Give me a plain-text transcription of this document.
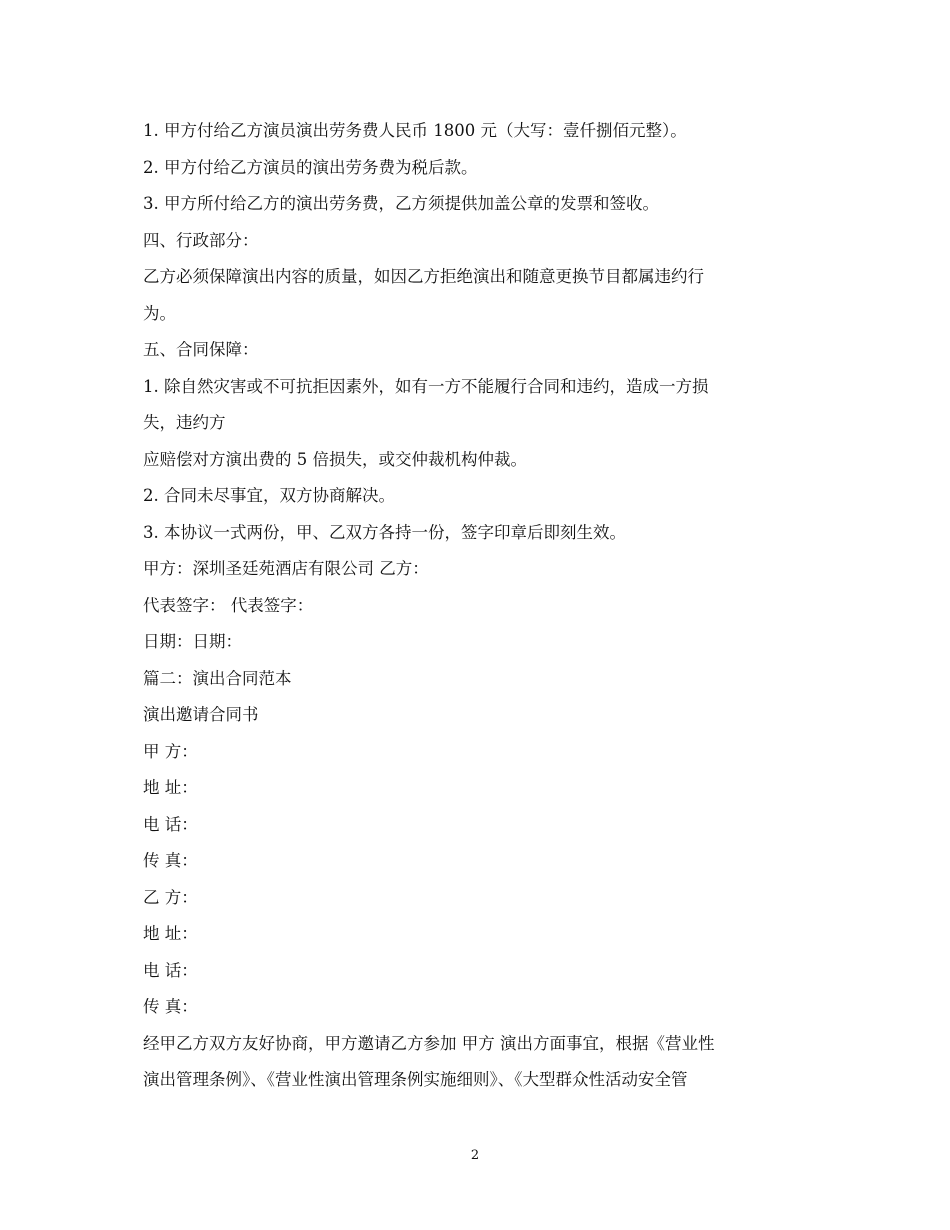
1. 甲方付给乙方演员演出劳务费人民币 1800 元（大写：壹仟捌佰元整）。
2. 甲方付给乙方演员的演出劳务费为税后款。
3. 甲方所付给乙方的演出劳务费，乙方须提供加盖公章的发票和签收。
四、行政部分：
乙方必须保障演出内容的质量，如因乙方拒绝演出和随意更换节目都属违约行
为。
五、合同保障：
1. 除自然灾害或不可抗拒因素外，如有一方不能履行合同和违约，造成一方损
失，违约方
应赔偿对方演出费的 5 倍损失，或交仲裁机构仲裁。
2. 合同未尽事宜，双方协商解决。
3. 本协议一式两份，甲、乙双方各持一份，签字印章后即刻生效。
甲方：深圳圣廷苑酒店有限公司 乙方：
代表签字： 代表签字：
日期：日期：
篇二：演出合同范本
演出邀请合同书
甲 方：
地 址：
电 话：
传 真：
乙 方：
地 址：
电 话：
传 真：
经甲乙方双方友好协商，甲方邀请乙方参加 甲方 演出方面事宜，根据《营业性
演出管理条例》、《营业性演出管理条例实施细则》、《大型群众性活动安全管
2
